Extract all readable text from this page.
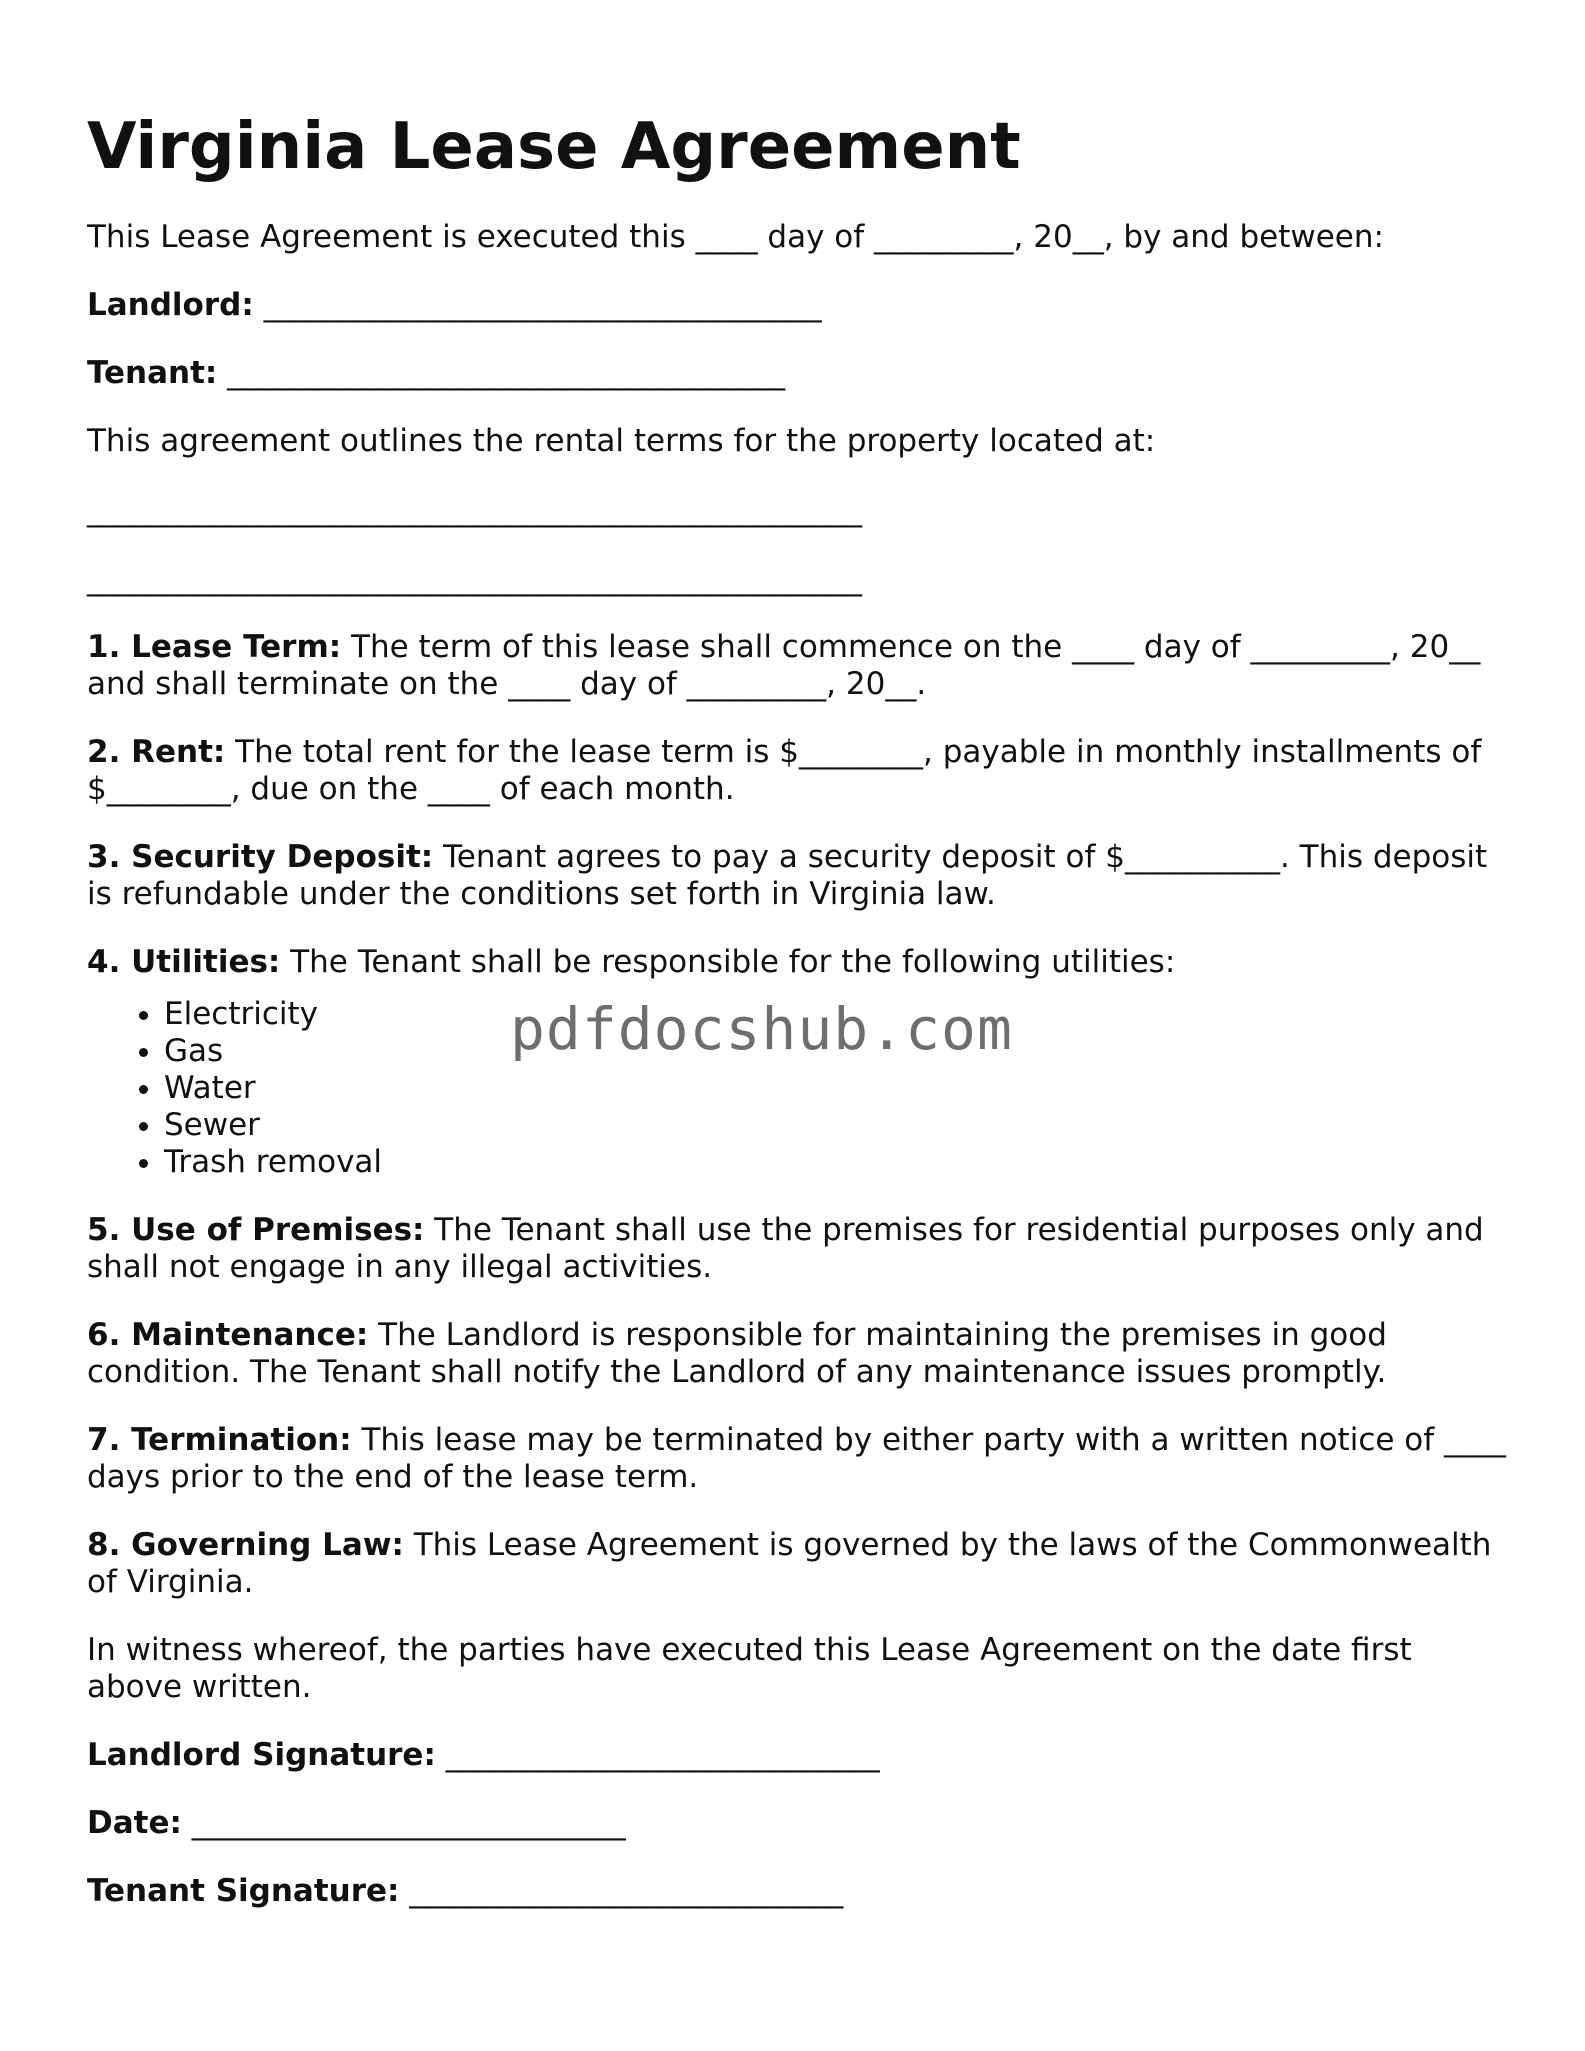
Virginia Lease Agreement

This Lease Agreement is executed this ____ day of _________, 20__, by and between:

Landlord: ____________________________________

Tenant: ____________________________________

This agreement outlines the rental terms for the property located at:

__________________________________________________
__________________________________________________

1. Lease Term: The term of this lease shall commence on the ____ day of _________, 20__ and shall terminate on the ____ day of _________, 20__.

2. Rent: The total rent for the lease term is $________, payable in monthly installments of $________, due on the ____ of each month.

3. Security Deposit: Tenant agrees to pay a security deposit of $__________. This deposit is refundable under the conditions set forth in Virginia law.

4. Utilities: The Tenant shall be responsible for the following utilities:

• Electricity
• Gas
• Water
• Sewer
• Trash removal

5. Use of Premises: The Tenant shall use the premises for residential purposes only and shall not engage in any illegal activities.

6. Maintenance: The Landlord is responsible for maintaining the premises in good condition. The Tenant shall notify the Landlord of any maintenance issues promptly.

7. Termination: This lease may be terminated by either party with a written notice of ____ days prior to the end of the lease term.

8. Governing Law: This Lease Agreement is governed by the laws of the Commonwealth of Virginia.

In witness whereof, the parties have executed this Lease Agreement on the date first above written.

Landlord Signature: ____________________________

Date: ____________________________

Tenant Signature: ____________________________

pdfdocshub.com
